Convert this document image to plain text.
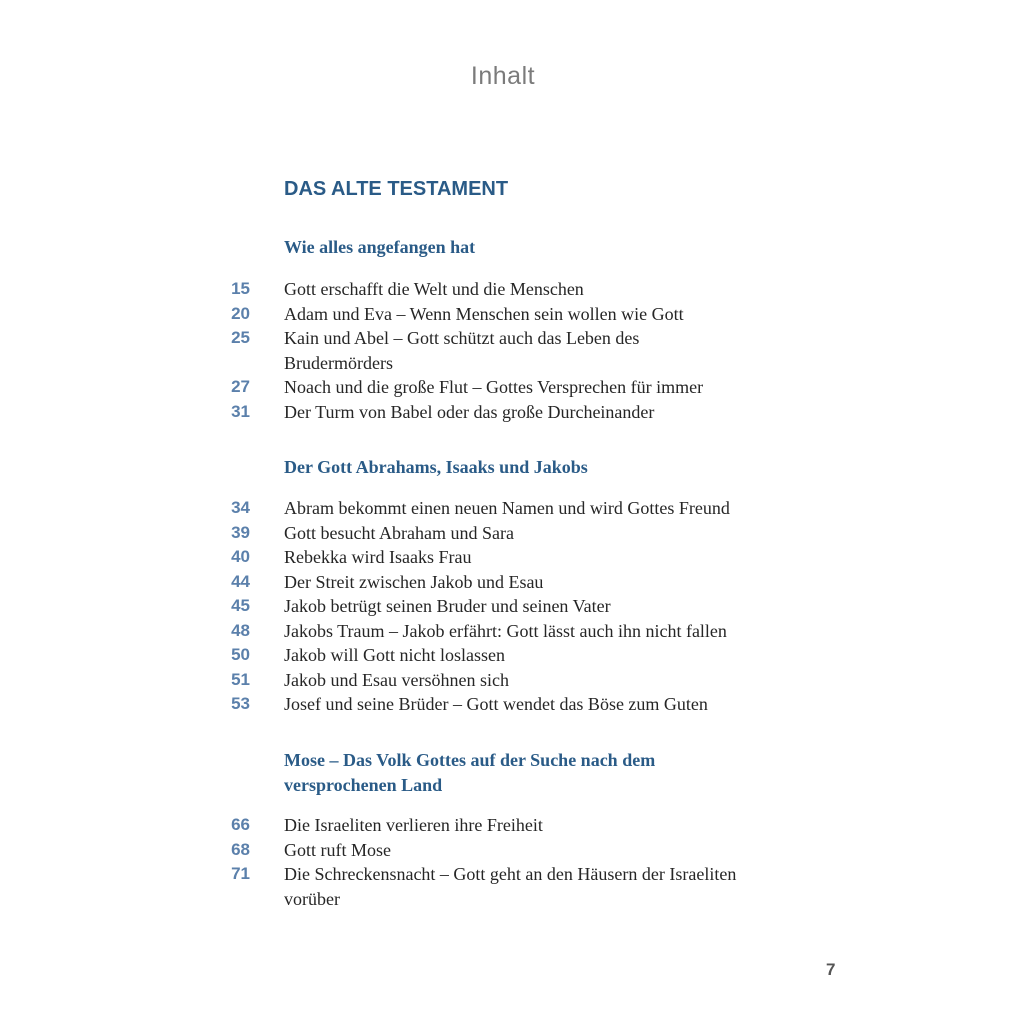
Inhalt
DAS ALTE TESTAMENT
Wie alles angefangen hat
15 Gott erschafft die Welt und die Menschen
20 Adam und Eva – Wenn Menschen sein wollen wie Gott
25 Kain und Abel – Gott schützt auch das Leben des Brudermörders
27 Noach und die große Flut – Gottes Versprechen für immer
31 Der Turm von Babel oder das große Durcheinander
Der Gott Abrahams, Isaaks und Jakobs
34 Abram bekommt einen neuen Namen und wird Gottes Freund
39 Gott besucht Abraham und Sara
40 Rebekka wird Isaaks Frau
44 Der Streit zwischen Jakob und Esau
45 Jakob betrügt seinen Bruder und seinen Vater
48 Jakobs Traum – Jakob erfährt: Gott lässt auch ihn nicht fallen
50 Jakob will Gott nicht loslassen
51 Jakob und Esau versöhnen sich
53 Josef und seine Brüder – Gott wendet das Böse zum Guten
Mose – Das Volk Gottes auf der Suche nach dem versprochenen Land
66 Die Israeliten verlieren ihre Freiheit
68 Gott ruft Mose
71 Die Schreckensnacht – Gott geht an den Häusern der Israeliten vorüber
7
